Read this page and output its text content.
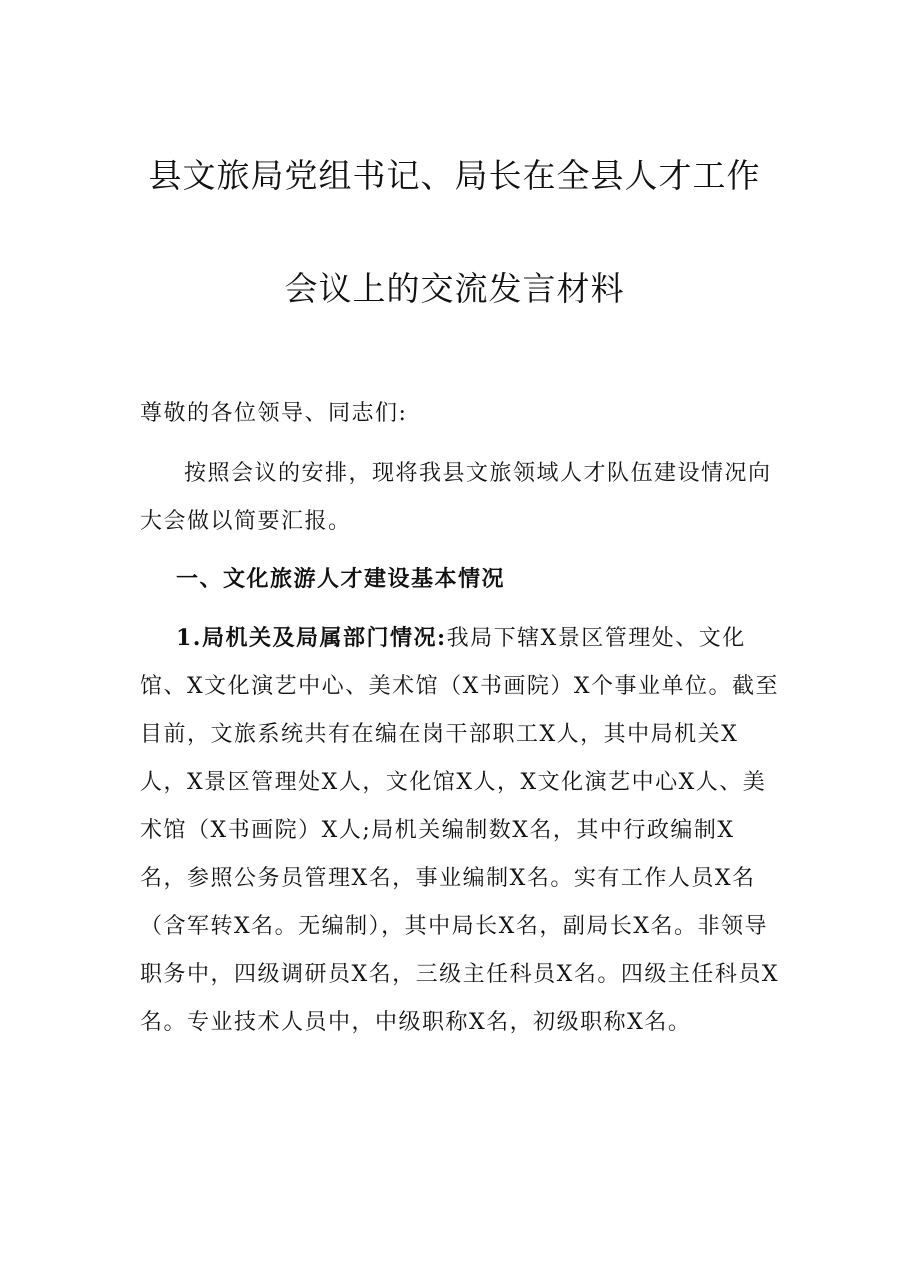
县文旅局党组书记、局长在全县人才工作
会议上的交流发言材料
尊敬的各位领导、同志们:
按照会议的安排，现将我县文旅领域人才队伍建设情况向大会做以简要汇报。
一、文化旅游人才建设基本情况
1.局机关及局属部门情况:我局下辖X景区管理处、文化馆、X文化演艺中心、美术馆（X书画院）X个事业单位。截至目前，文旅系统共有在编在岗干部职工X人，其中局机关X人，X景区管理处X人，文化馆X人，X文化演艺中心X人、美术馆（X书画院）X人;局机关编制数X名，其中行政编制X名，参照公务员管理X名，事业编制X名。实有工作人员X名（含军转X名。无编制），其中局长X名，副局长X名。非领导职务中，四级调研员X名，三级主任科员X名。四级主任科员X名。专业技术人员中，中级职称X名，初级职称X名。
